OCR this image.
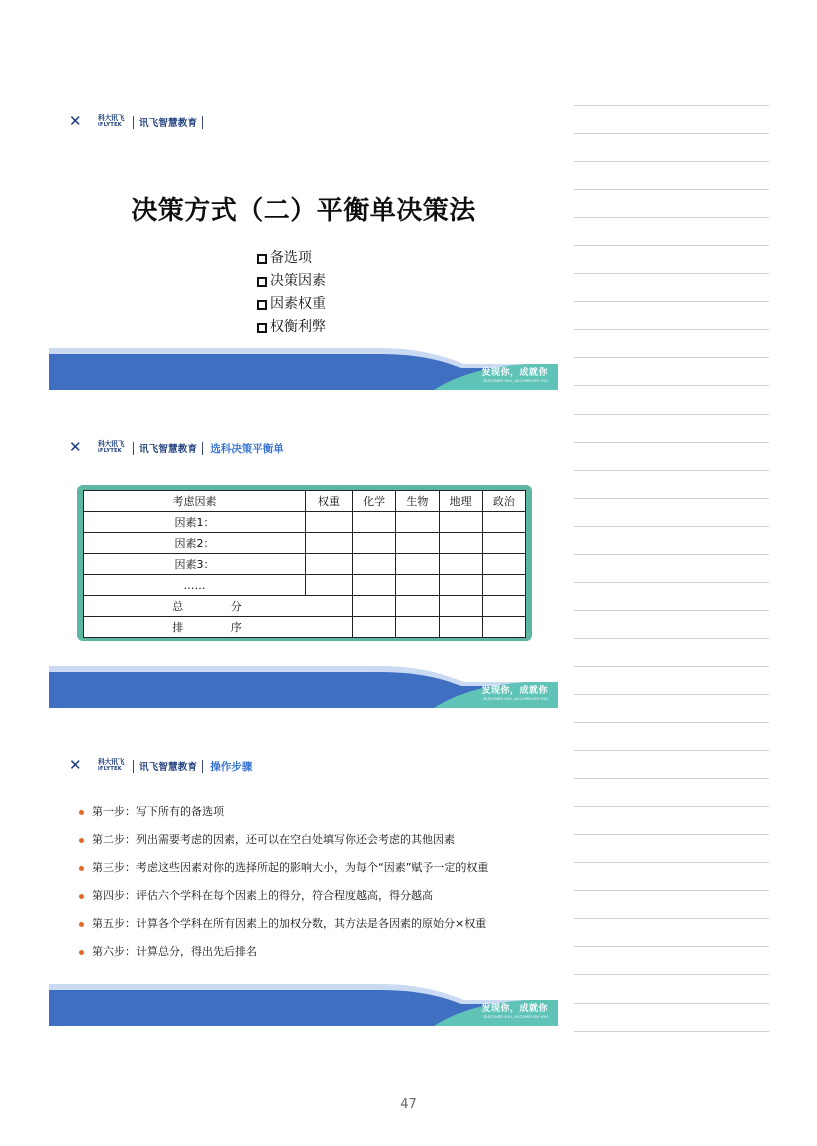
✕ 科大讯飞
iFLYTEK 讯飞智慧教育
决策方式（二）平衡单决策法
备选项
决策因素
因素权重
权衡利弊
发现你，成就你
DISCOVER YOU, ACCOMPLISH YOU
✕ 科大讯飞
iFLYTEK 讯飞智慧教育 选科决策平衡单
考虑因素	权重	化学	生物	地理	政治
因素1：					
因素2：					
因素3：					
……					
总 分					
排 序					
发现你，成就你
DISCOVER YOU, ACCOMPLISH YOU
✕ 科大讯飞
iFLYTEK 讯飞智慧教育 操作步骤
第一步：写下所有的备选项
第二步：列出需要考虑的因素，还可以在空白处填写你还会考虑的其他因素
第三步：考虑这些因素对你的选择所起的影响大小，为每个“因素”赋予一定的权重
第四步：评估六个学科在每个因素上的得分，符合程度越高，得分越高
第五步：计算各个学科在所有因素上的加权分数，其方法是各因素的原始分×权重
第六步：计算总分，得出先后排名
发现你，成就你
DISCOVER YOU, ACCOMPLISH YOU
47
